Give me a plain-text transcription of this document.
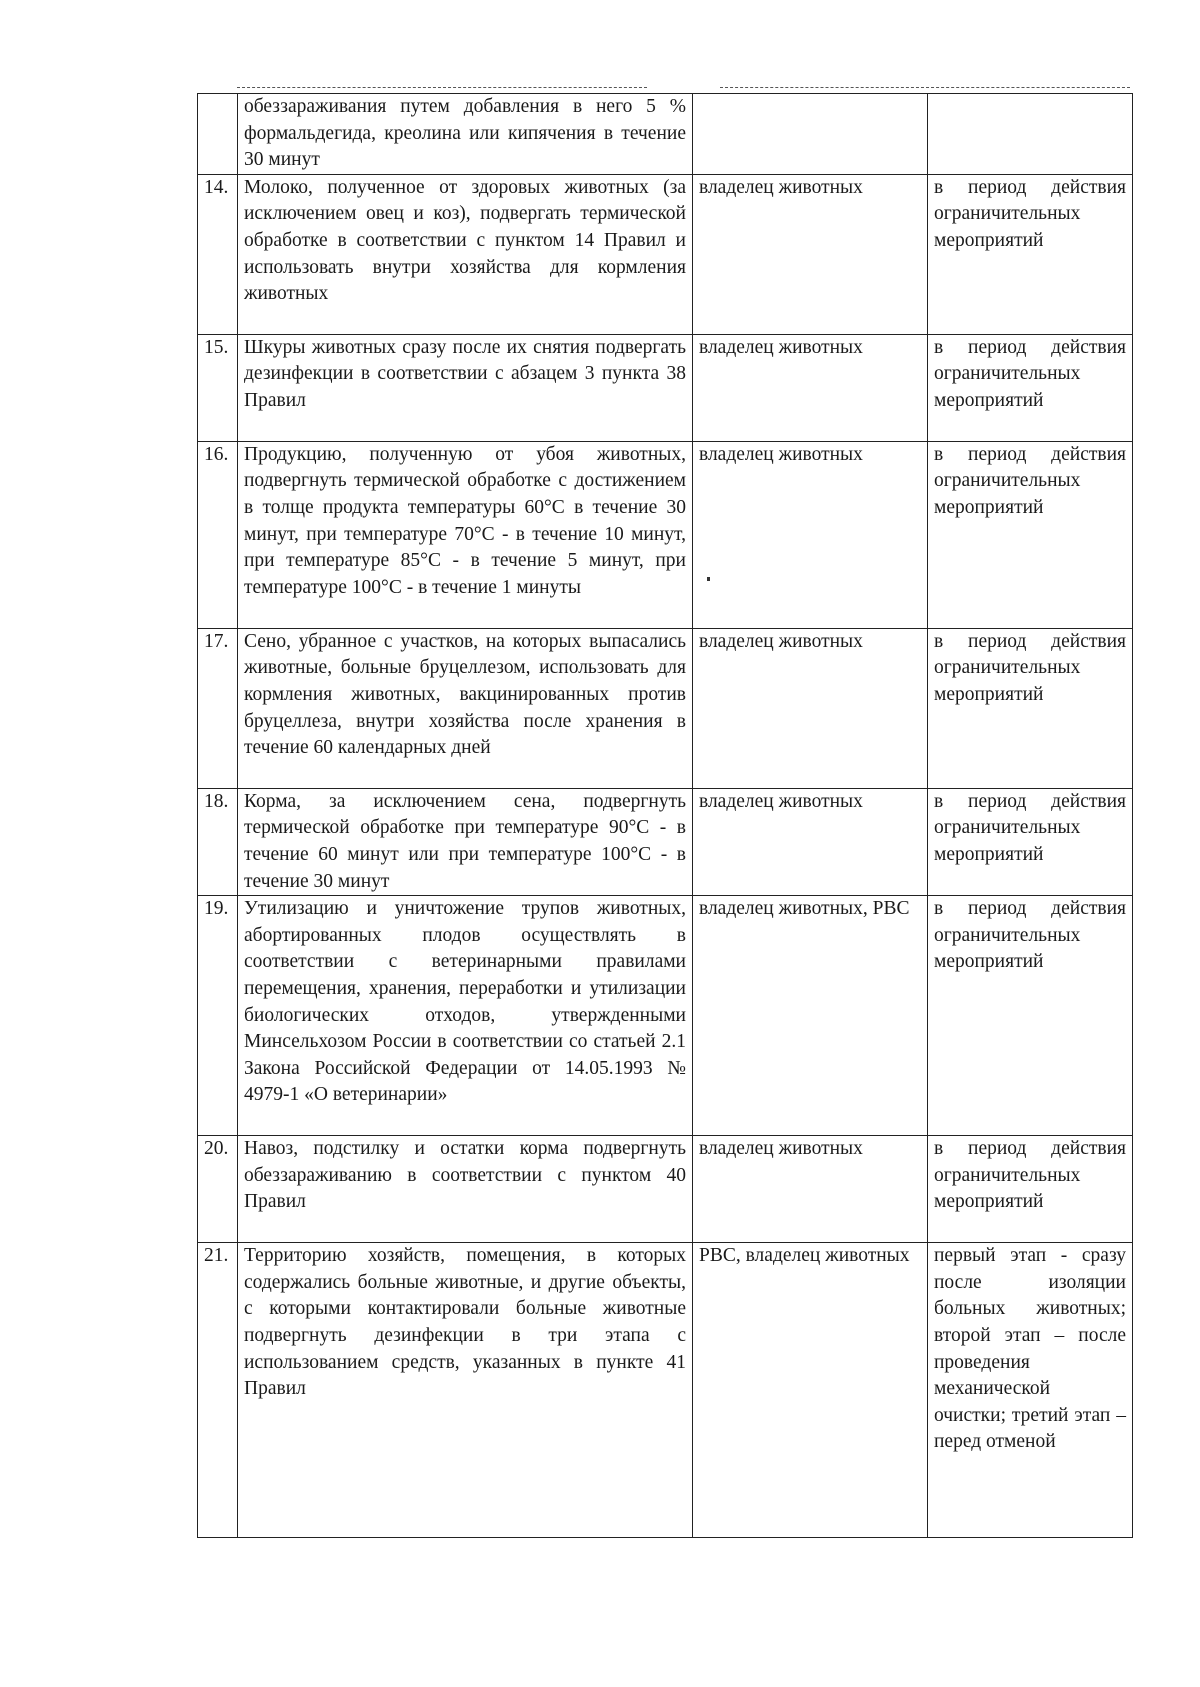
	обеззараживания путем добавления в него 5 % формальдегида, креолина или кипячения в течение 30 минут		
14.	Молоко, полученное от здоровых животных (за исключением овец и коз), подвергать термической обработке в соответствии с пунктом 14 Правил и использовать внутри хозяйства для кормления животных	владелец животных	в период действия ограничительных мероприятий
15.	Шкуры животных сразу после их снятия подвергать дезинфекции в соответствии с абзацем 3 пункта 38 Правил	владелец животных	в период действия ограничительных мероприятий
16.	Продукцию, полученную от убоя животных, подвергнуть термической обработке с достижением в толще продукта температуры 60°С в течение 30 минут, при температуре 70°С - в течение 10 минут, при температуре 85°С - в течение 5 минут, при температуре 100°С - в течение 1 минуты	владелец животных	в период действия ограничительных мероприятий
17.	Сено, убранное с участков, на которых выпасались животные, больные бруцеллезом, использовать для кормления животных, вакцинированных против бруцеллеза, внутри хозяйства после хранения в течение 60 календарных дней	владелец животных	в период действия ограничительных мероприятий
18.	Корма, за исключением сена, подвергнуть термической обработке при температуре 90°С - в течение 60 минут или при температуре 100°С - в течение 30 минут	владелец животных	в период действия ограничительных мероприятий
19.	Утилизацию и уничтожение трупов животных, абортированных плодов осуществлять в соответствии с ветеринарными правилами перемещения, хранения, переработки и утилизации биологических отходов, утвержденными Минсельхозом России в соответствии со статьей 2.1 Закона Российской Федерации от 14.05.1993 № 4979-1 «О ветеринарии»	владелец животных, РВС	в период действия ограничительных мероприятий
20.	Навоз, подстилку и остатки корма подвергнуть обеззараживанию в соответствии с пунктом 40 Правил	владелец животных	в период действия ограничительных мероприятий
21.	Территорию хозяйств, помещения, в которых содержались больные животные, и другие объекты, с которыми контактировали больные животные подвергнуть дезинфекции в три этапа с использованием средств, указанных в пункте 41 Правил	РВС, владелец животных	первый этап - сразу после изоляции больных животных; второй этап – после проведения механической очистки; третий этап – перед отменой
